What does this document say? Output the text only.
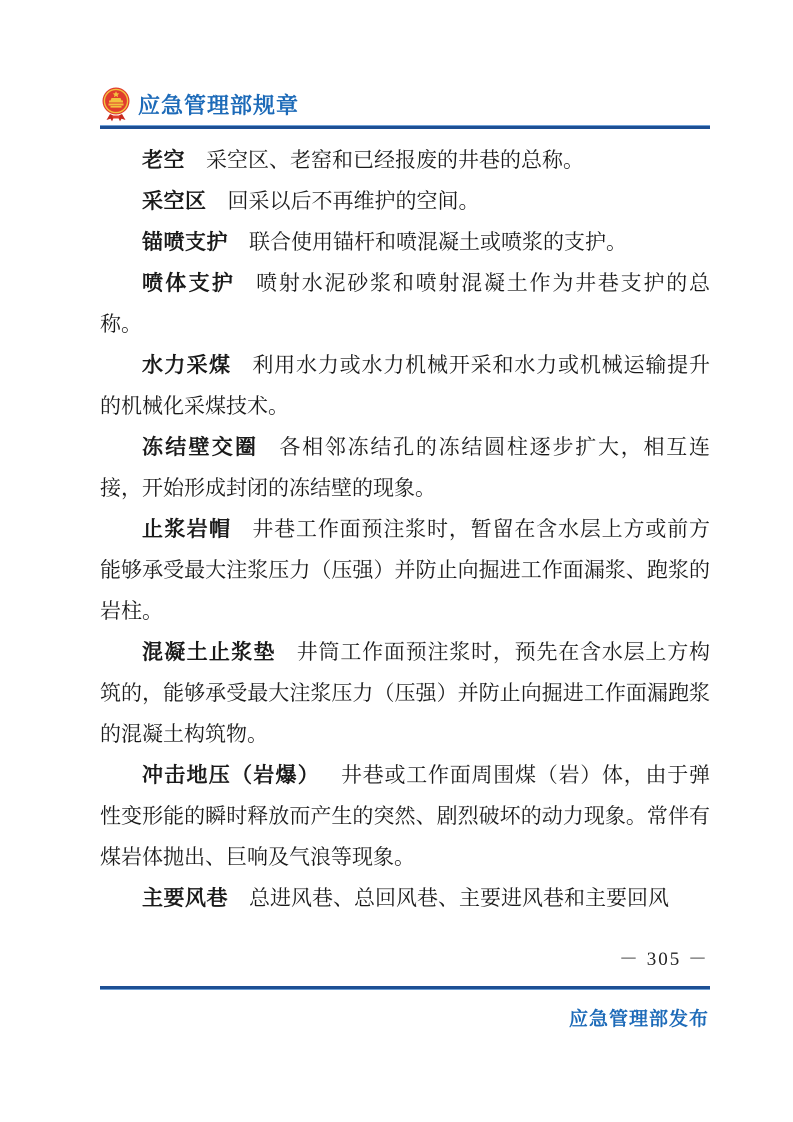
应急管理部规章

老空 采空区、老窑和已经报废的井巷的总称。

采空区 回采以后不再维护的空间。

锚喷支护 联合使用锚杆和喷混凝土或喷浆的支护。

喷体支护 喷射水泥砂浆和喷射混凝土作为井巷支护的总称。

水力采煤 利用水力或水力机械开采和水力或机械运输提升的机械化采煤技术。

冻结壁交圈 各相邻冻结孔的冻结圆柱逐步扩大，相互连接，开始形成封闭的冻结壁的现象。

止浆岩帽 井巷工作面预注浆时，暂留在含水层上方或前方能够承受最大注浆压力（压强）并防止向掘进工作面漏浆、跑浆的岩柱。

混凝土止浆垫 井筒工作面预注浆时，预先在含水层上方构筑的，能够承受最大注浆压力（压强）并防止向掘进工作面漏跑浆的混凝土构筑物。

冲击地压（岩爆） 井巷或工作面周围煤（岩）体，由于弹性变形能的瞬时释放而产生的突然、剧烈破坏的动力现象。常伴有煤岩体抛出、巨响及气浪等现象。

主要风巷 总进风巷、总回风巷、主要进风巷和主要回风

－ 305 －
应急管理部发布
